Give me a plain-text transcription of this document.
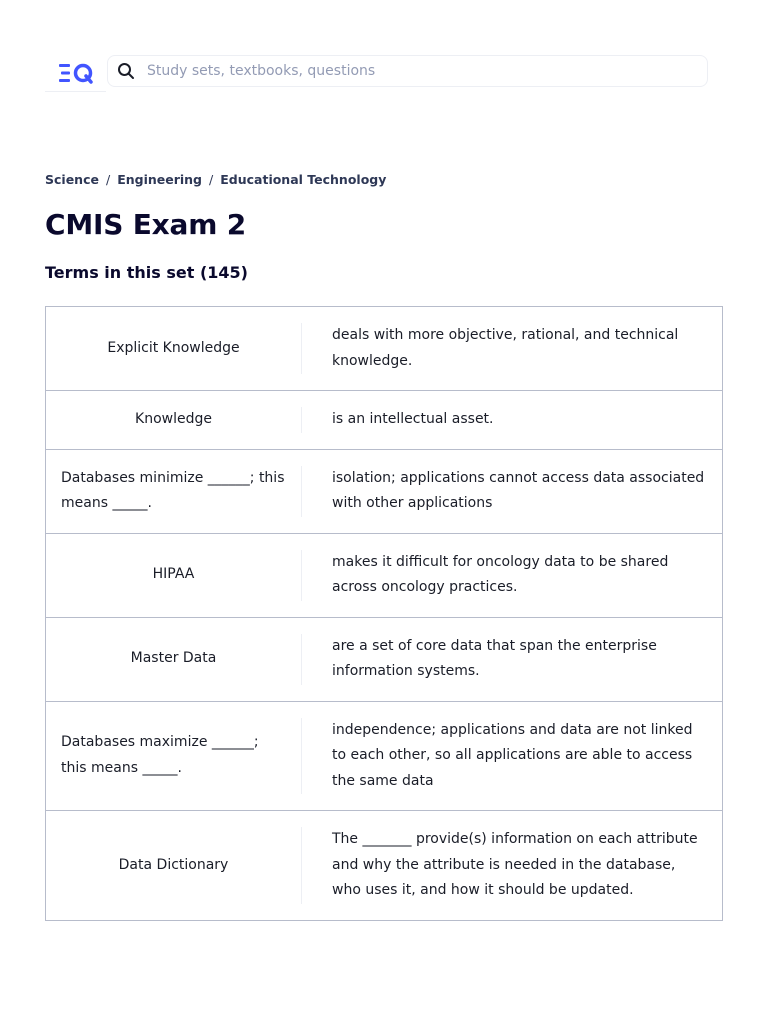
Study sets, textbooks, questions
Science / Engineering / Educational Technology
CMIS Exam 2
Terms in this set (145)
Explicit Knowledge
deals with more objective, rational, and technical knowledge.
Knowledge	is an intellectual asset.
Databases minimize ______; this means _____.
isolation; applications cannot access data associated with other applications
HIPAA
makes it difficult for oncology data to be shared across oncology practices.
Master Data
are a set of core data that span the enterprise information systems.
Databases maximize ______; this means _____.
independence; applications and data are not linked to each other, so all applications are able to access the same data
Data Dictionary
The _______ provide(s) information on each attribute and why the attribute is needed in the database, who uses it, and how it should be updated.
